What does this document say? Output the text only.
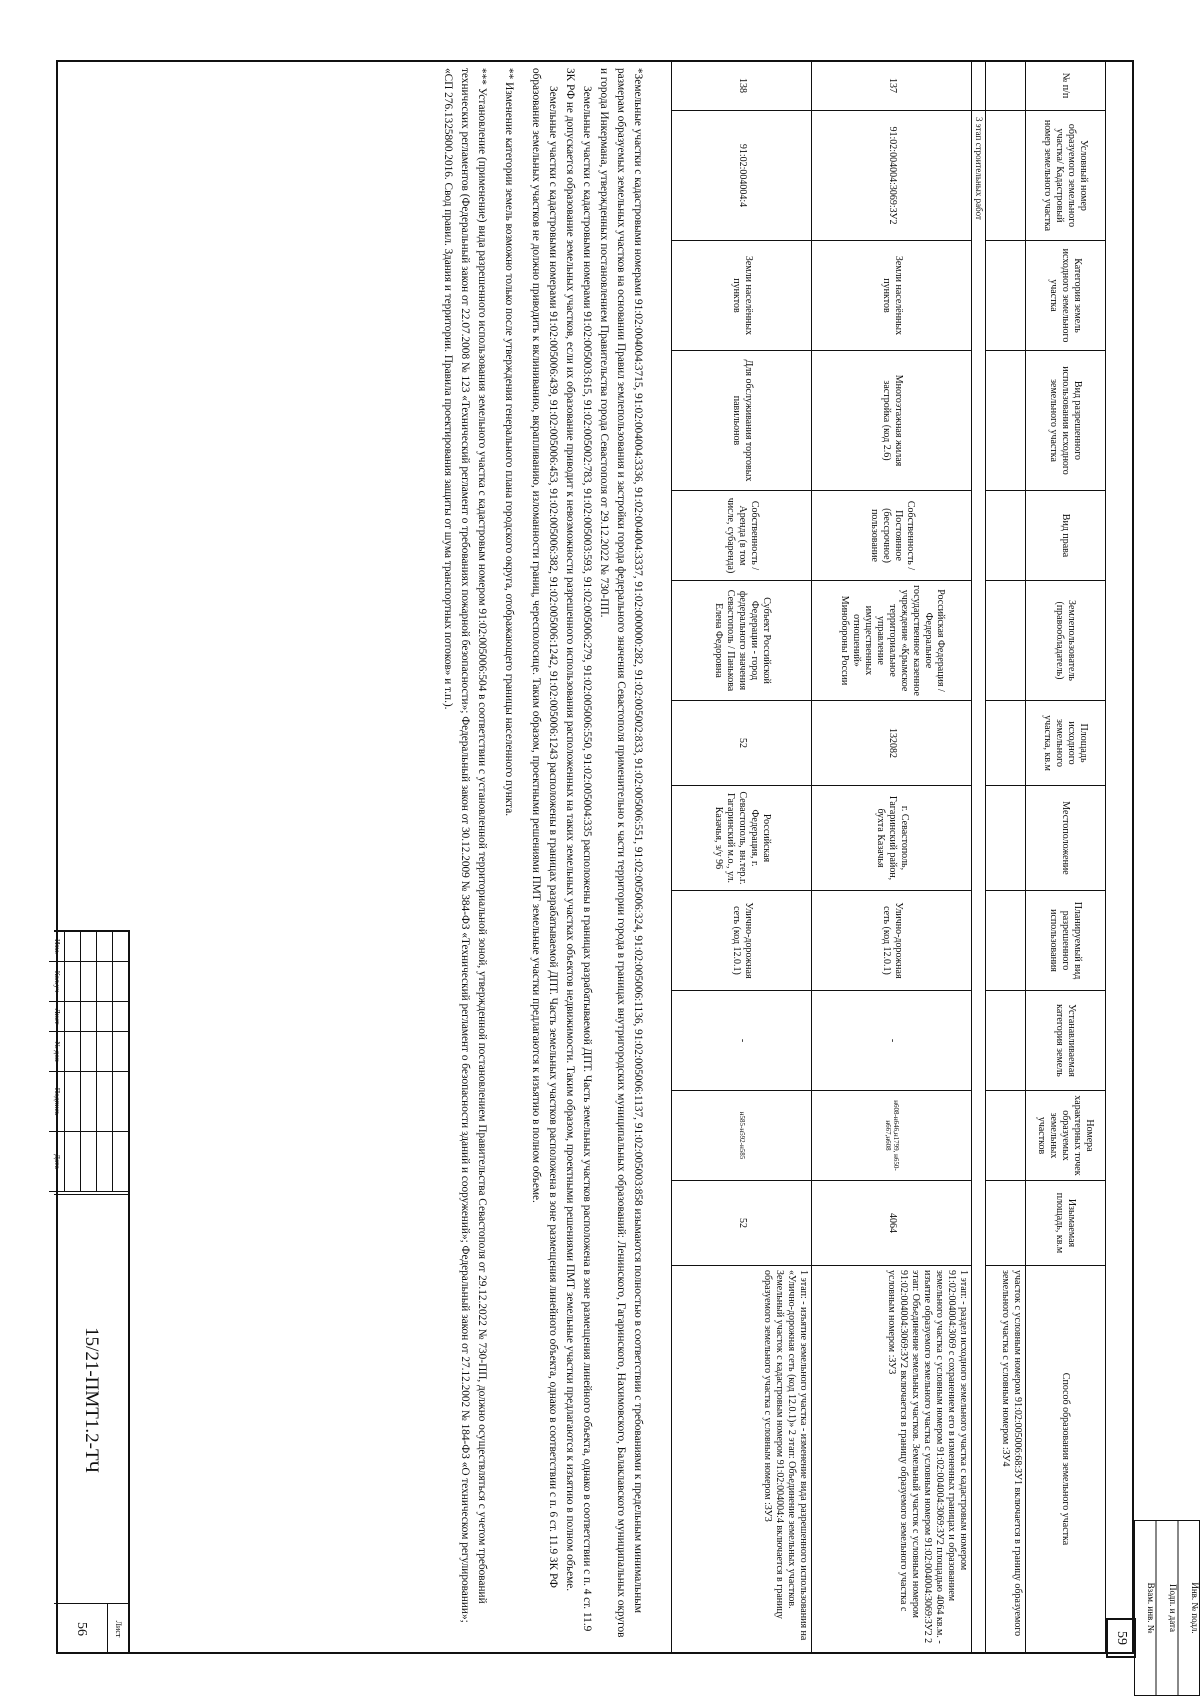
59
№ п/п	Условный номер образуемого земельного участка/ Кадастровый номер земельного участка	Категория земель исходного земельного участка	Вид разрешенного использования исходного земельного участка	Вид права	Землепользователь (правообладатель)	Площадь исходного земельного участка, кв.м	Местоположение	Планируемый вид разрешенного использования	Устанавливаемая категория земель	Номера характерных точек образуемых земельных участков	Изымаемая площадь, кв.м	Способ образования земельного участка
												участок с условным номером 91:02:005006:68:ЗУ1 включается в границу образуемого земельного участка с условным номером :ЗУ4
	3 этап строительных работ											
137	91:02:004004:3069:ЗУ2	Земли населённых пунктов	Многоэтажная жилая застройка (код 2.6)	Собственность / Постоянное (бессрочное) пользование	Российская Федерация / Федеральное государственное казенное учреждение «Крымское территориальное управление имущественных отношений» Минобороны России	132082	г. Севастополь, Гагаринский район, бухта Казачья	Улично-дорожная сеть (код 12.0.1)	-	н608-н646,н1799, н650-н667,н608	4064	1 этап: - раздел исходного земельного участка с кадастровым номером 91:02:004004:3069 с сохранением его в измененных границах и образованием земельного участка с условным номером 91:02:004004:3069:ЗУ2 площадью 4064 кв.м. - изъятие образуемого земельного участка с условным номером 91:02:004004:3069:ЗУ2 2 этап: Объединение земельных участков. Земельный участок с условным номером 91:02:004004:3069:ЗУ2 включается в границу образуемого земельного участка с условным номером :ЗУ3
138	91:02:004004:4	Земли населённых пунктов	Для обслуживания торговых павильонов	Собственность / Аренда (в том числе, субаренда)	Субъект Российской Федерации - город федерального значения Севастополь / Панькова Елена Федоровна	52	Российская Федерация, г. Севастополь, вн.тер.г. Гагаринский м.о., ул. Казачья, з/у 96	Улично-дорожная сеть (код 12.0.1)	-	н585-н592-н585	52	1 этап: - изъятие земельного участка - изменение вида разрешенного использования на «Улично-дорожная сеть (код 12.0.1)» 2 этап: Объединение земельных участков. Земельный участок с кадастровым номером 91:02:004004:4 включается в границу образуемого земельного участка с условным номером :ЗУ3

*Земельные участки с кадастровыми номерами 91:02:004004:3715, 91:02:004004:3336, 91:02:004004:3337, 91:02:000000:282, 91:02:005002:833, 91:02:005006:551, 91:02:005006:324, 91:02:005006:1136, 91:02:005006:1137, 91:02:005003:858 изымаются полностью в соответствии с требованиями к предельным минимальным размерам образуемых земельных участков на основании Правил землепользования и застройки города федерального значения Севастополя применительно к части территории города в границах внутригородских муниципальных образований: Ленинского, Гагаринского, Нахимовского, Балаклавского муниципальных округов и города Инкермана, утвержденных постановлением Правительства города Севастополя от 29.12.2022 № 730-ПП.

Земельные участки с кадастровыми номерами 91:02:005003:615, 91:02:005002:783, 91:02:005003:593, 91:02:005006:279, 91:02:005006:550, 91:02:005004:335 расположены в границах разрабатываемой ДПТ. Часть земельных участков расположена в зоне размещения линейного объекта, однако в соответствии с п. 4 ст. 11.9 ЗК РФ не допускается образование земельных участков, если их образование приводит к невозможности разрешенного использования расположенных на таких земельных участках объектов недвижимости. Таким образом, проектными решениями ПМТ земельные участки предлагаются к изъятию в полном объеме.

Земельные участки с кадастровыми номерами 91:02:005006:439, 91:02:005006:453, 91:02:005006:382, 91:02:005006:1242, 91:02:005006:1243 расположены в границах разрабатываемой ДПТ. Часть земельных участков расположена в зоне размещения линейного объекта, однако в соответствии с п. 6 ст. 11.9 ЗК РФ образование земельных участков не должно приводить к вклиниванию, вкрапливанию, изломанности границ, чересполосице. Таким образом, проектными решениями ПМТ земельные участки предлагаются к изъятию в полном объеме.

** Изменение категории земель возможно только после утверждения генерального плана городского округа, отображающего границы населенного пункта.

*** Установление (применение) вида разрешенного использования земельного участка с кадастровым номером 91:02:005006:504 в соответствии с установленной территориальной зоной, утвержденной постановлением Правительства Севастополя от 29.12.2022 № 730-ПП, должно осуществляться с учетом требований технических регламентов (Федеральный закон от 22.07.2008 № 123 «Технический регламент о требованиях пожарной безопасности»; Федеральный закон от 30.12.2009 № 384-ФЗ «Технический регламент о безопасности зданий и сооружений»; Федеральный закон от 27.12.2002 № 184-ФЗ «О техническом регулировании»; «СП 276.1325800.2016. Свод правил. Здания и территории. Правила проектирования защиты от шума транспортных потоков» и т.п.).

Изм.
Кол.уч
Лист
№ док
Подпись
Дата
15/21-ПМТ1.2-ТЧ
Лист
56	Взам. инв. № Подп. и дата Инв. № подл.
